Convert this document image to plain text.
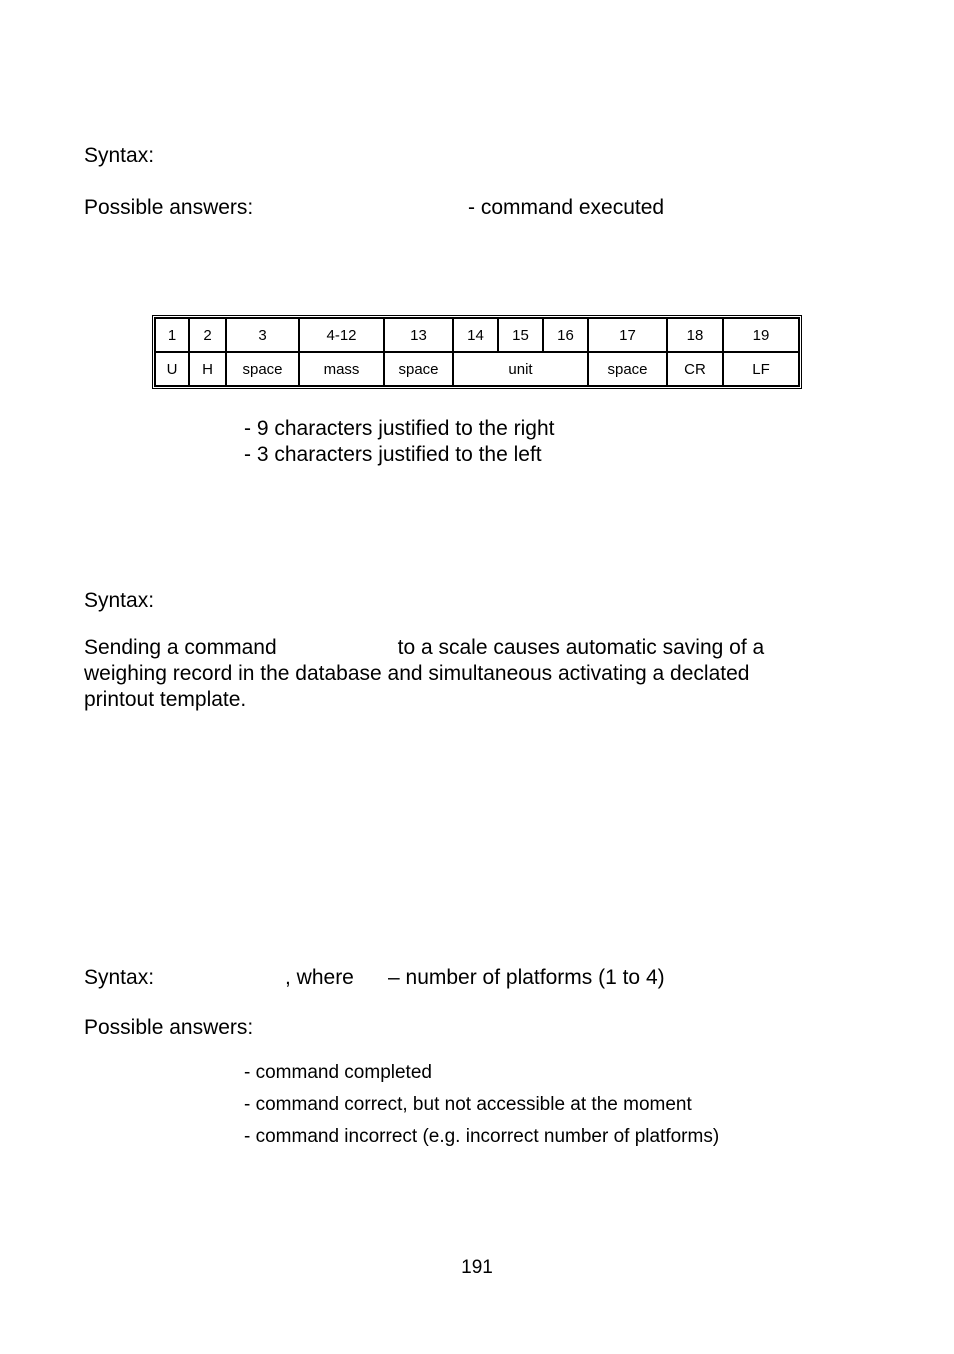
Syntax:
Possible answers:	- command executed
1	2	3	4-12	13	14	15	16	17	18	19
U	H	space	mass	space	unit			space	CR	LF
- 9 characters justified to the right
- 3 characters justified to the left
Syntax:
Sending a command	to a scale causes automatic saving of a
weighing record in the database and simultaneous activating a declated
printout template.
Syntax:	, where – number of platforms (1 to 4)
Possible answers:
- command completed
- command correct, but not accessible at the moment
- command incorrect (e.g. incorrect number of platforms)
191
